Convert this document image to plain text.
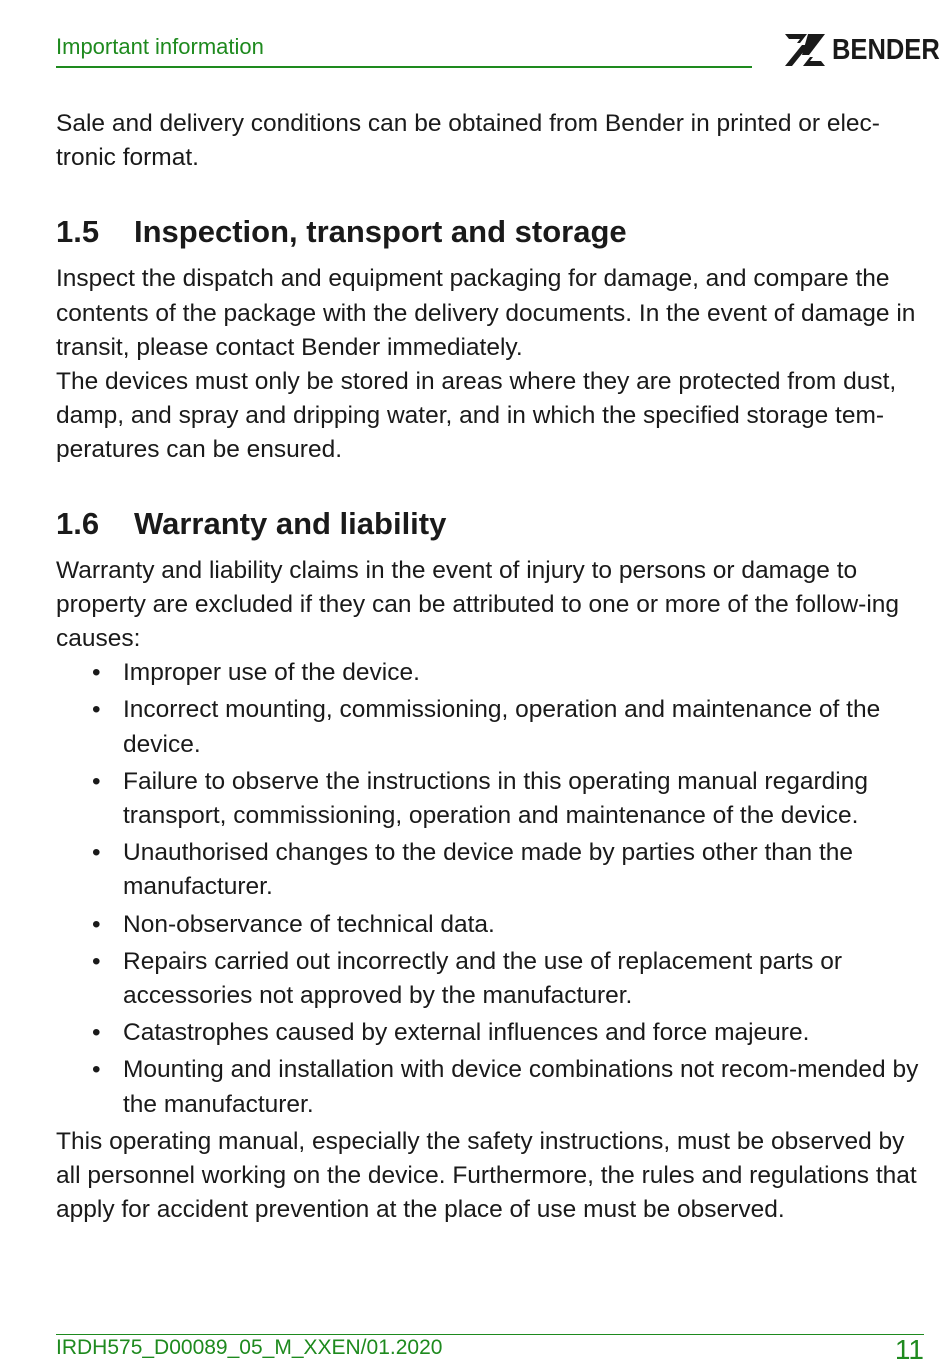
Important information	BENDER

Sale and delivery conditions can be obtained from Bender in printed or elec-tronic format.

1.5 Inspection, transport and storage

Inspect the dispatch and equipment packaging for damage, and compare the contents of the package with the delivery documents. In the event of damage in transit, please contact Bender immediately.

The devices must only be stored in areas where they are protected from dust, damp, and spray and dripping water, and in which the specified storage tem-peratures can be ensured.

1.6 Warranty and liability

Warranty and liability claims in the event of injury to persons or damage to property are excluded if they can be attributed to one or more of the follow-ing causes:

• Improper use of the device.
• Incorrect mounting, commissioning, operation and maintenance of the device.
• Failure to observe the instructions in this operating manual regarding transport, commissioning, operation and maintenance of the device.
• Unauthorised changes to the device made by parties other than the manufacturer.
• Non-observance of technical data.
• Repairs carried out incorrectly and the use of replacement parts or accessories not approved by the manufacturer.
• Catastrophes caused by external influences and force majeure.
• Mounting and installation with device combinations not recom-mended by the manufacturer.

This operating manual, especially the safety instructions, must be observed by all personnel working on the device. Furthermore, the rules and regulations that apply for accident prevention at the place of use must be observed.

IRDH575_D00089_05_M_XXEN/01.2020	11
